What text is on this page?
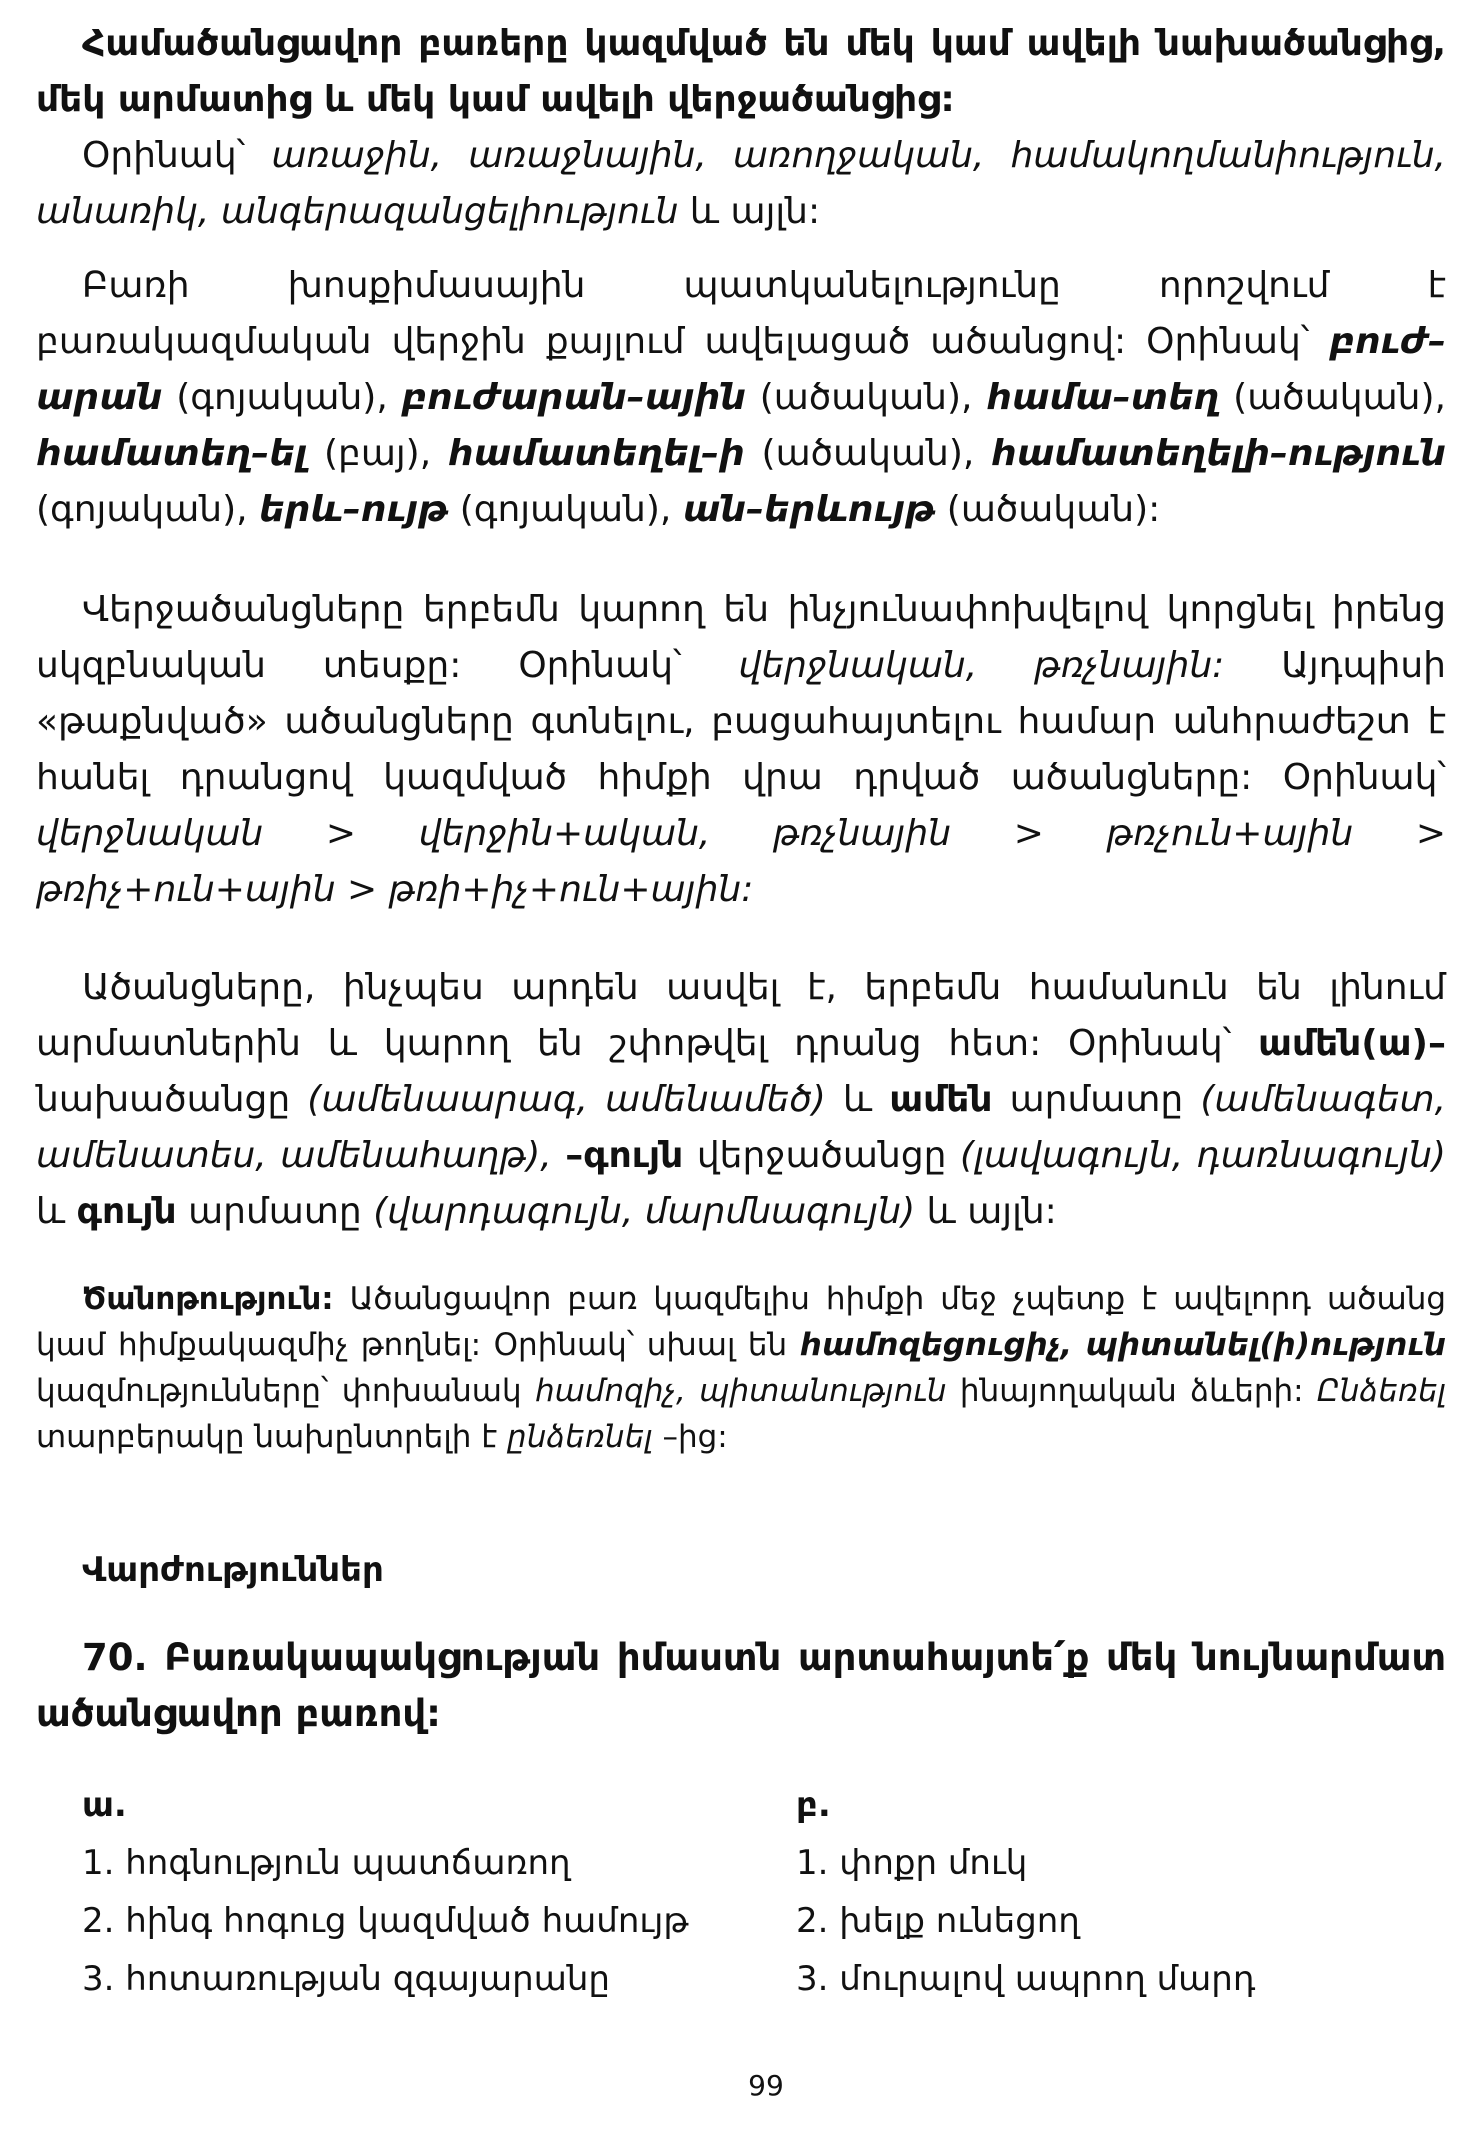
Համածանցավոր բառերը կազմված են մեկ կամ ավելի նախածանցից, մեկ արմատից և մեկ կամ ավելի վերջածանցից:

Օրինակ՝ առաջին, առաջնային, առողջական, համակողմանիություն, անառիկ, անգերազանցելիություն և այլն:

Բառի խոսքիմասային պատկանելությունը որոշվում է բառակազմական վերջին քայլում ավելացած ածանցով: Օրինակ՝ բուժ–արան (գոյական), բուժարան–ային (ածական), համա–տեղ (ածական), համատեղ–ել (բայ), համատեղել–ի (ածական), համատեղելի–ություն (գոյական), երև–ույթ (գոյական), ան–երևույթ (ածական):

Վերջածանցները երբեմն կարող են ինչյունափոխվելով կորցնել իրենց սկզբնական տեսքը: Օրինակ՝ վերջնական, թռչնային: Այդպիսի «թաքնված» ածանցները գտնելու, բացահայտելու համար անհրաժեշտ է հանել դրանցով կազմված հիմքի վրա դրված ածանցները: Օրինակ՝ վերջնական > վերջին+ական, թռչնային > թռչուն+ային > թռիչ+ուն+ային > թռի+իչ+ուն+ային:

Ածանցները, ինչպես արդեն ասվել է, երբեմն համանուն են լինում արմատներին և կարող են շփոթվել դրանց հետ: Օրինակ՝ ամեն(ա)– նախածանցը (ամենաարագ, ամենամեծ) և ամեն արմատը (ամենագետ, ամենատես, ամենահաղթ), –գույն վերջածանցը (լավագույն, դառնագույն) և գույն արմատը (վարդագույն, մարմնագույն) և այլն:

Ծանոթություն: Ածանցավոր բառ կազմելիս հիմքի մեջ չպետք է ավելորդ ածանց կամ հիմքակազմիչ թողնել: Օրինակ՝ սխալ են համոզեցուցիչ, պիտանել(ի)ություն կազմությունները՝ փոխանակ համոզիչ, պիտանություն ինայողական ձևերի: Ընձեռել տարբերակը նախընտրելի է ընձեռնել –ից:

Վարժություններ

70. Բառակապակցության իմաստն արտահայտե՛ք մեկ նույնարմատ ածանցավոր բառով:

ա.
1. հոգնություն պատճառող
2. հինգ հոգուց կազմված համույթ
3. հոտառության զգայարանը
բ.
1. փոքր մուկ
2. խելք ունեցող
3. մուրալով ապրող մարդ
99
